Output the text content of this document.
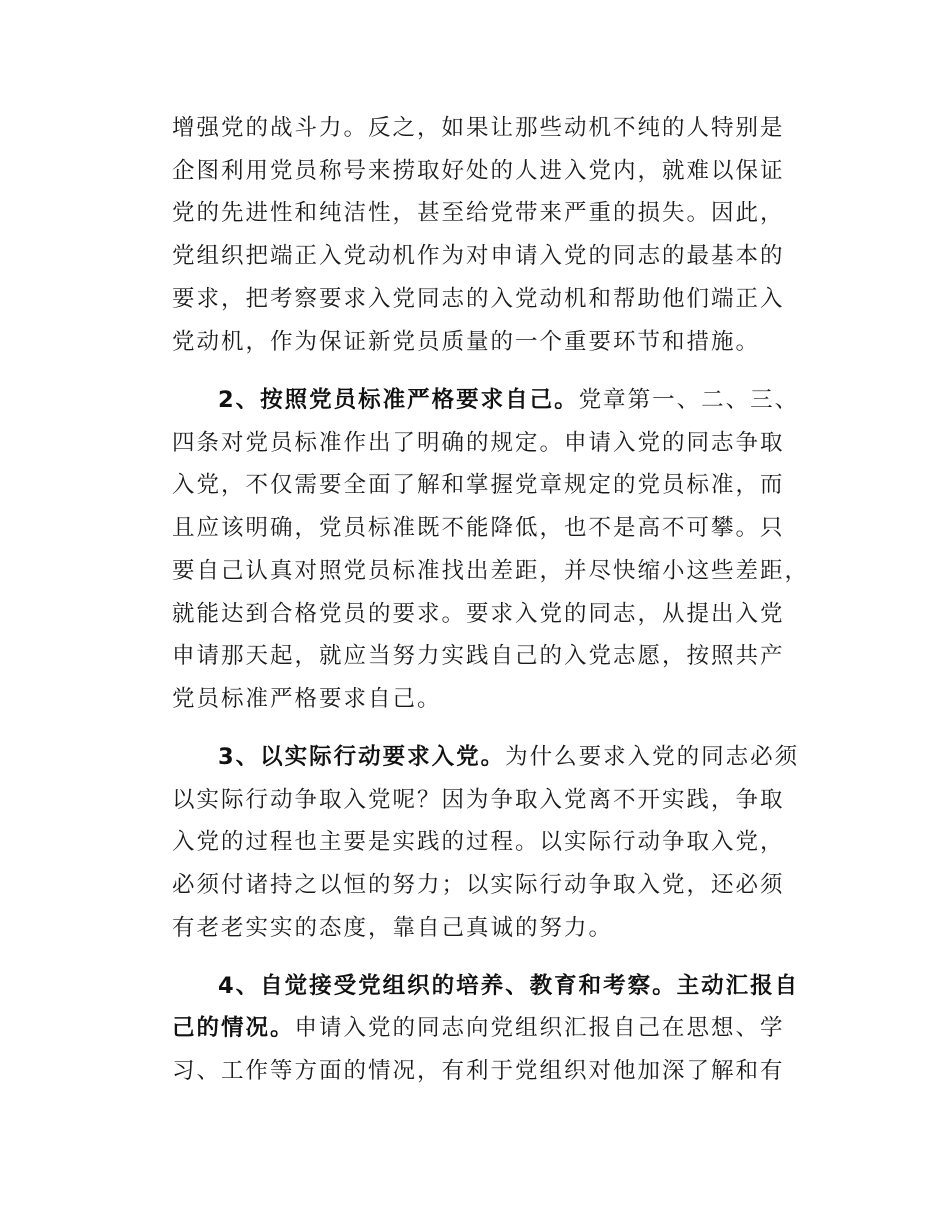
增强党的战斗力。反之，如果让那些动机不纯的人特别是
企图利用党员称号来捞取好处的人进入党内，就难以保证
党的先进性和纯洁性，甚至给党带来严重的损失。因此，
党组织把端正入党动机作为对申请入党的同志的最基本的
要求，把考察要求入党同志的入党动机和帮助他们端正入
党动机，作为保证新党员质量的一个重要环节和措施。
2、按照党员标准严格要求自己。党章第一、二、三、
四条对党员标准作出了明确的规定。申请入党的同志争取
入党，不仅需要全面了解和掌握党章规定的党员标准，而
且应该明确，党员标准既不能降低，也不是高不可攀。只
要自己认真对照党员标准找出差距，并尽快缩小这些差距，
就能达到合格党员的要求。要求入党的同志，从提出入党
申请那天起，就应当努力实践自己的入党志愿，按照共产
党员标准严格要求自己。
3、以实际行动要求入党。为什么要求入党的同志必须
以实际行动争取入党呢？因为争取入党离不开实践，争取
入党的过程也主要是实践的过程。以实际行动争取入党，
必须付诸持之以恒的努力；以实际行动争取入党，还必须
有老老实实的态度，靠自己真诚的努力。
4、自觉接受党组织的培养、教育和考察。主动汇报自
己的情况。申请入党的同志向党组织汇报自己在思想、学
习、工作等方面的情况，有利于党组织对他加深了解和有
